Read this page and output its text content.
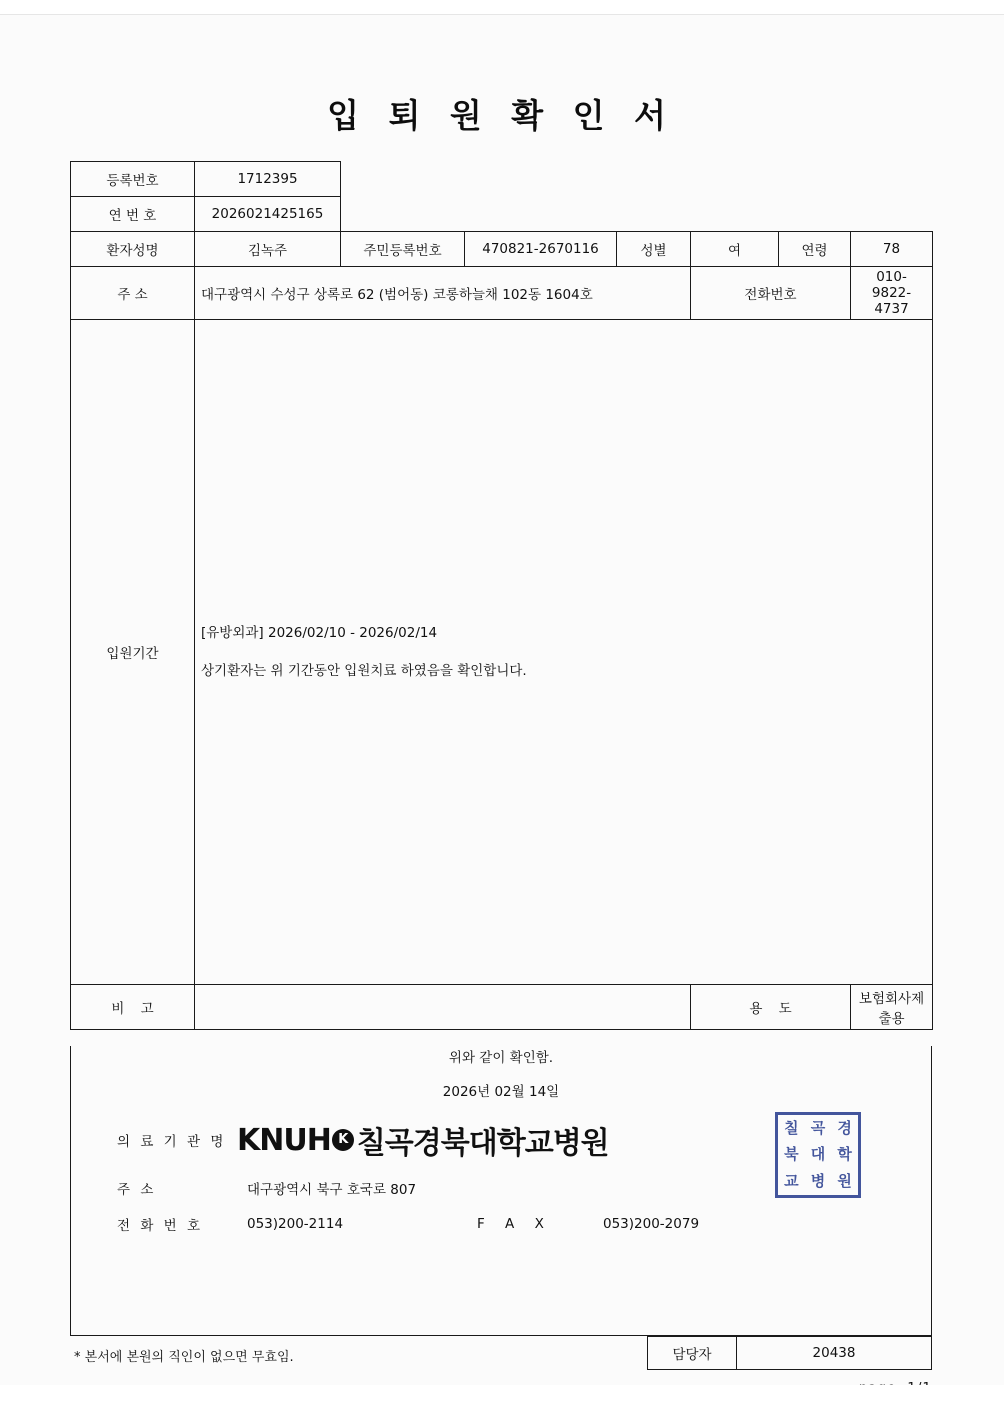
입 퇴 원 확 인 서
등록번호	1712395						
연 번 호	2026021425165						
환자성명	김녹주	주민등록번호	470821-2670116	성별	여	연령	78
주 소	대구광역시 수성구 상록로 62 (범어동) 코롱하늘채 102동 1604호				전화번호		010-9822-4737
입원기간	[유방외과] 2026/02/10 - 2026/02/14
상기환자는 위 기간동안 입원치료 하였음을 확인합니다.						

비 고					용 도		보험회사제출용
위와 같이 확인함.
2026년 02월 14일
의 료 기 관 명 KNUH K 칠곡경북대학교병원
주 소	대구광역시 북구 호국로 807
전 화 번 호	053)200-2114	F A X	053)200-2079
칠 곡 경
북 대 학
교 병 원
* 본서에 본원의 직인이 없으면 무효임.	담당자	20438
